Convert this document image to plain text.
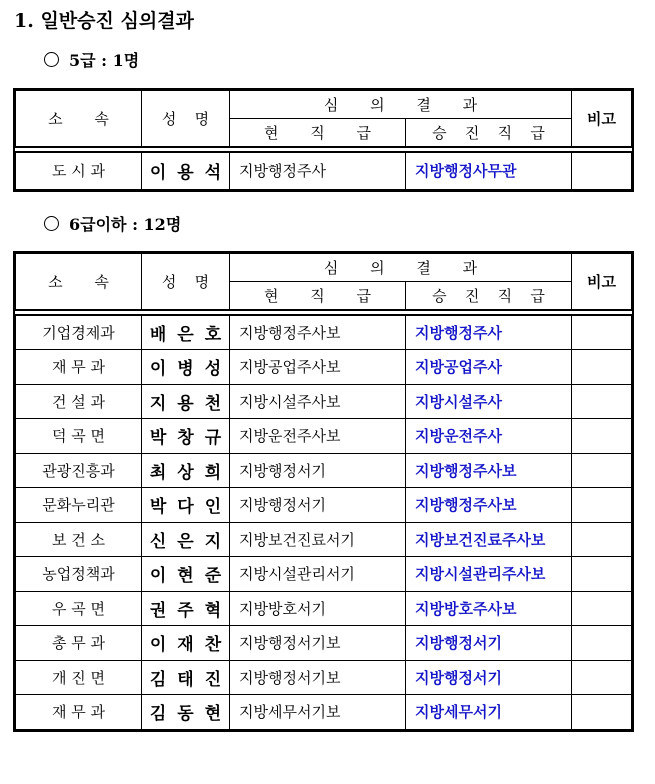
1. 일반승진 심의결과
5급 : 1명
소 속	성 명	심 의 결 과		비고
		현 직 급	승 진 직 급	

도 시 과	이 용 석	지방행정주사	지방행정사무관	
6급이하 : 12명
소 속	성 명	심 의 결 과		비고
		현 직 급	승 진 직 급	

기업경제과	배 은 호	지방행정주사보	지방행정주사	
재 무 과	이 병 성	지방공업주사보	지방공업주사	
건 설 과	지 용 천	지방시설주사보	지방시설주사	
덕 곡 면	박 창 규	지방운전주사보	지방운전주사	
관광진흥과	최 상 희	지방행정서기	지방행정주사보	
문화누리관	박 다 인	지방행정서기	지방행정주사보	
보 건 소	신 은 지	지방보건진료서기	지방보건진료주사보	
농업정책과	이 현 준	지방시설관리서기	지방시설관리주사보	
우 곡 면	권 주 혁	지방방호서기	지방방호주사보	
총 무 과	이 재 찬	지방행정서기보	지방행정서기	
개 진 면	김 태 진	지방행정서기보	지방행정서기	
재 무 과	김 동 현	지방세무서기보	지방세무서기	
